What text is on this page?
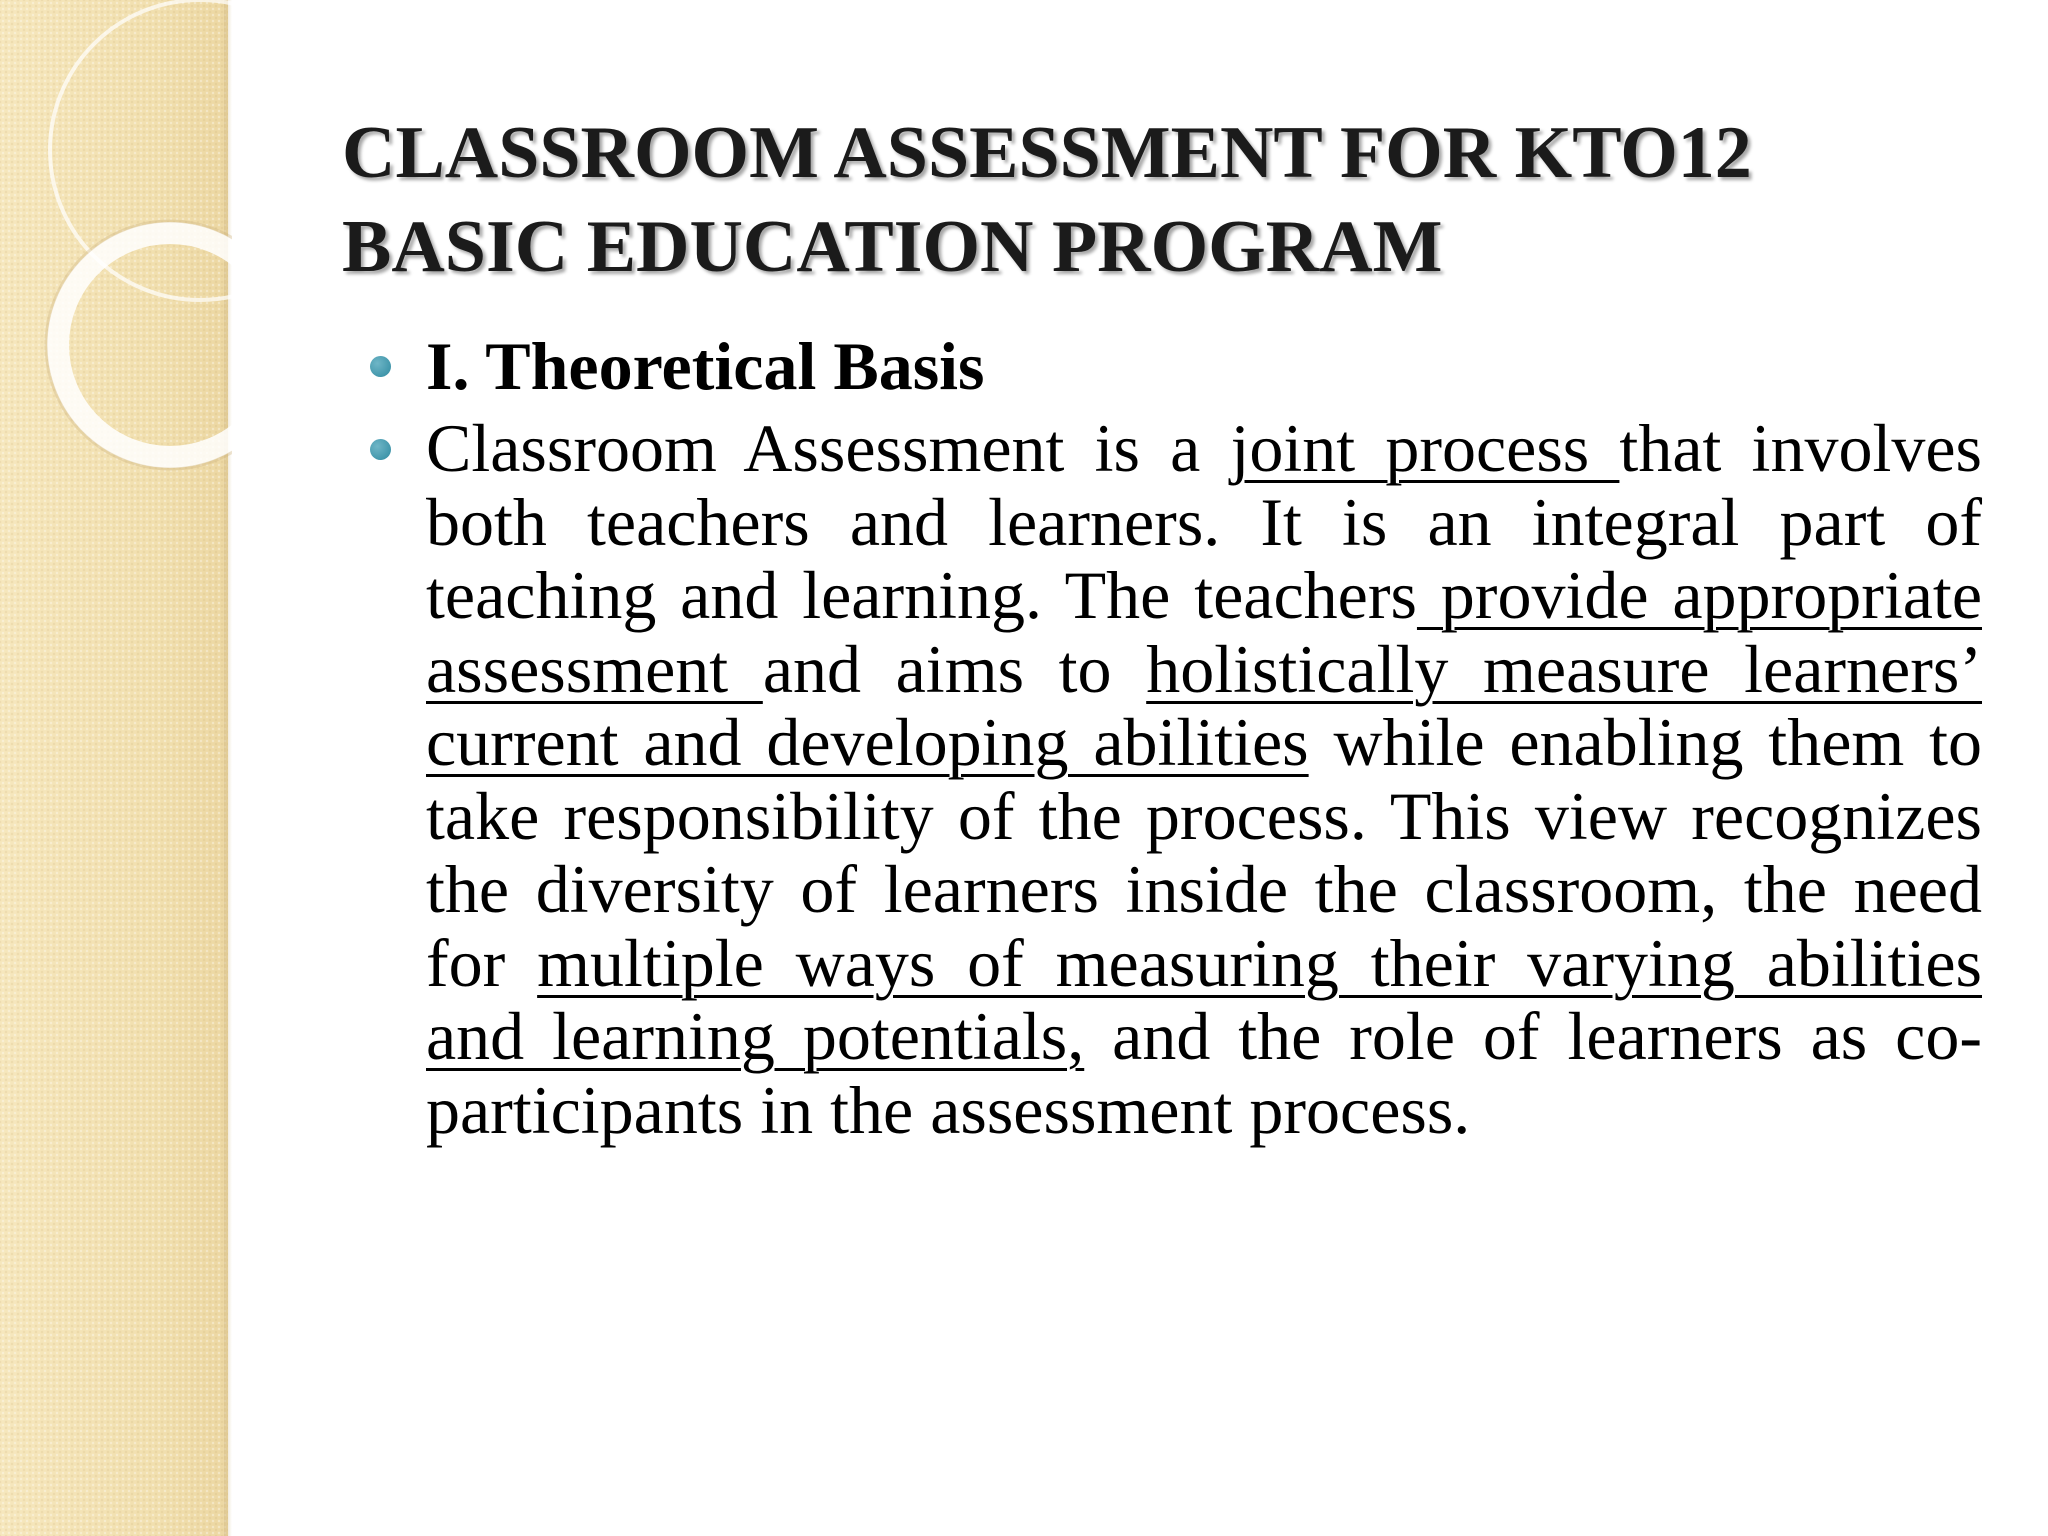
CLASSROOM ASSESSMENT FOR KTO12
BASIC EDUCATION PROGRAM
I. Theoretical Basis
Classroom Assessment is a joint process that involves both teachers and learners. It is an integral part of teaching and learning. The teachers provide appropriate assessment and aims to holistically measure learners’ current and developing abilities while enabling them to take responsibility of the process. This view recognizes the diversity of learners inside the classroom, the need for multiple ways of measuring their varying abilities and learning potentials, and the role of learners as co-participants in the assessment process.
